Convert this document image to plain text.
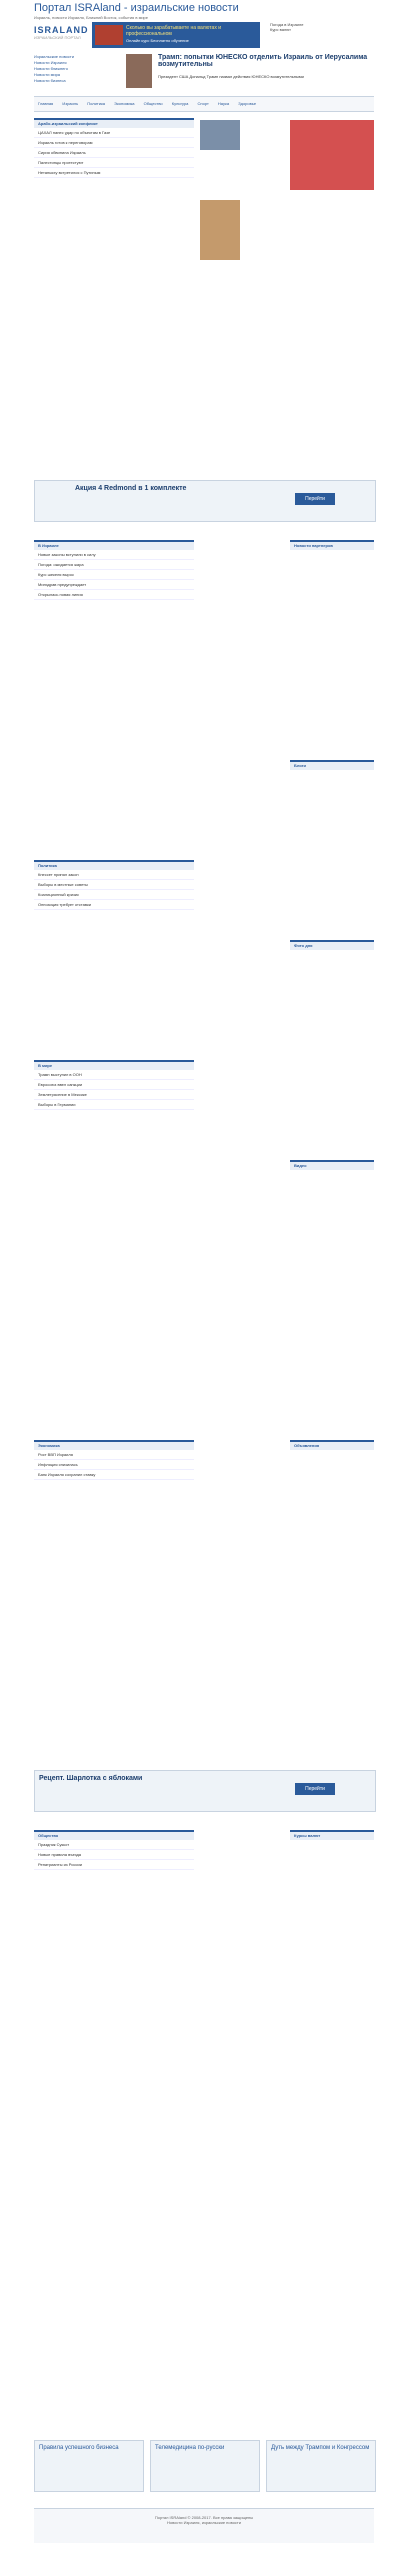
Портал ISRAland - израильские новости
Израиль, новости Израиля, Ближний Восток, события в мире
ISRALAND
ИЗРАИЛЬСКИЙ ПОРТАЛ
Сколько вы зарабатываете на валютах и профессиональном
Онлайн курс Бесплатно обучение
Погода в Израиле
Курс валют
Израильские новости
Новости Израиля
Новости ближнего
Новости мира
Новости бизнеса
Трамп: попытки ЮНЕСКО отделить Израиль от Иерусалима возмутительны
Президент США Дональд Трамп назвал действия ЮНЕСКО возмутительными
Главная Израиль Политика Экономика Общество Культура Спорт Наука Здоровье
Арабо-израильский конфликт
ЦАХАЛ нанес удар по объектам в Газе
Израиль готов к переговорам
Сирия обвинила Израиль
Палестинцы протестуют
Нетаньяху встретился с Путиным
Акция 4 Redmond в 1 комплекте
Перейти
В Израиле
Новые законы вступили в силу
Погода: ожидается жара
Курс шекеля вырос
Минздрав предупреждает
Открылась новая линия
Политика
Кнессет принял закон
Выборы в местные советы
Коалиционный кризис
Оппозиция требует отставки
В мире
Трамп выступил в ООН
Евросоюз ввел санкции
Землетрясение в Мексике
Выборы в Германии
Новости партнеров
Блоги
Фото дня
Видео
Экономика
Рост ВВП Израиля
Инфляция снизилась
Банк Израиля сохранил ставку
Рецепт. Шарлотка с яблоками
Перейти
Общество
Праздник Суккот
Новые правила въезда
Репатрианты из России
Объявления
Курсы валют
Правила успешного бизнеса	Телемедицина по-русски	Дуть между Трампом и Конгрессом
Портал ISRAland © 2008-2017. Все права защищены
Новости Израиля, израильские новости
